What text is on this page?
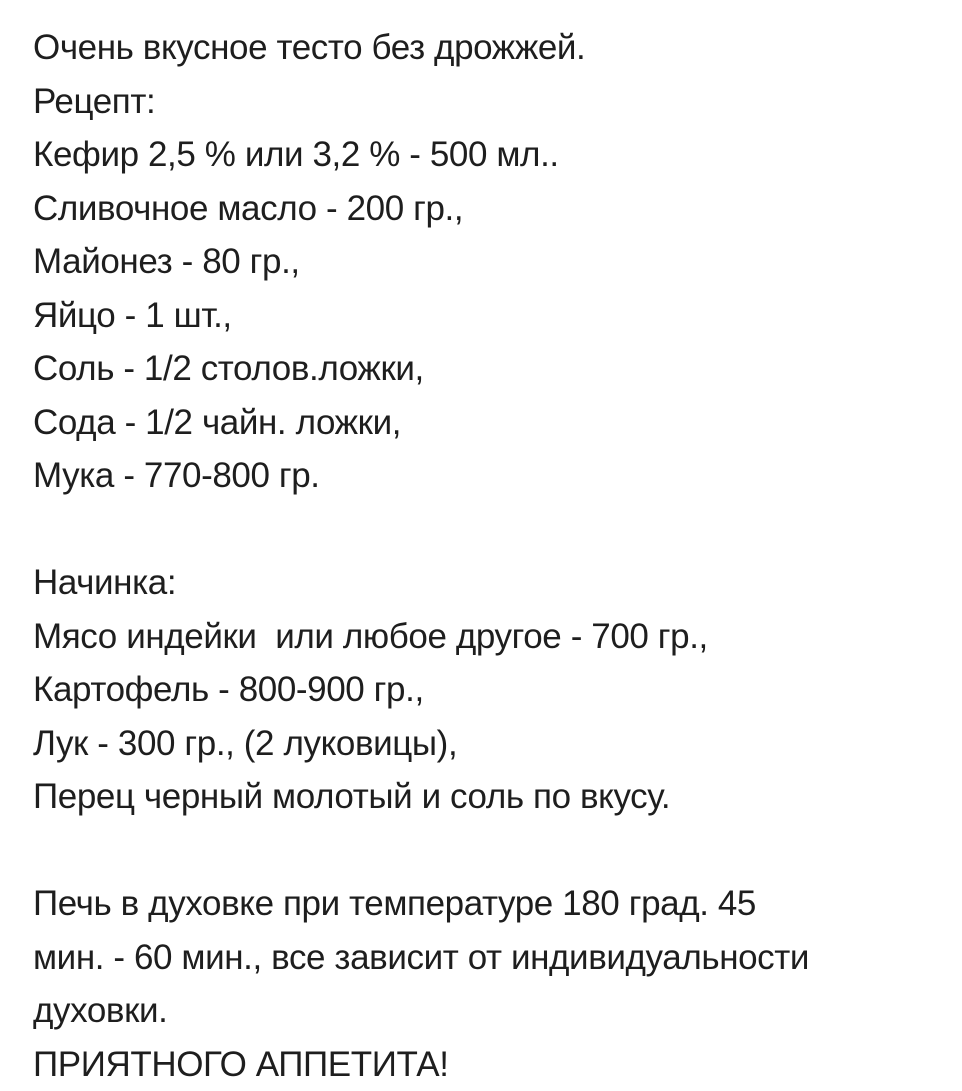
Очень вкусное тесто без дрожжей.
Рецепт:
Кефир 2,5 % или 3,2 % - 500 мл..
Сливочное масло - 200 гр.,
Майонез - 80 гр.,
Яйцо - 1 шт.,
Соль - 1/2 столов.ложки,
Сода - 1/2 чайн. ложки,
Мука - 770-800 гр.
Начинка:
Мясо индейки  или любое другое - 700 гр.,
Картофель - 800-900 гр.,
Лук - 300 гр., (2 луковицы),
Перец черный молотый и соль по вкусу.
Печь в духовке при температуре 180 град. 45
мин. - 60 мин., все зависит от индивидуальности
духовки.
ПРИЯТНОГО АППЕТИТА!
